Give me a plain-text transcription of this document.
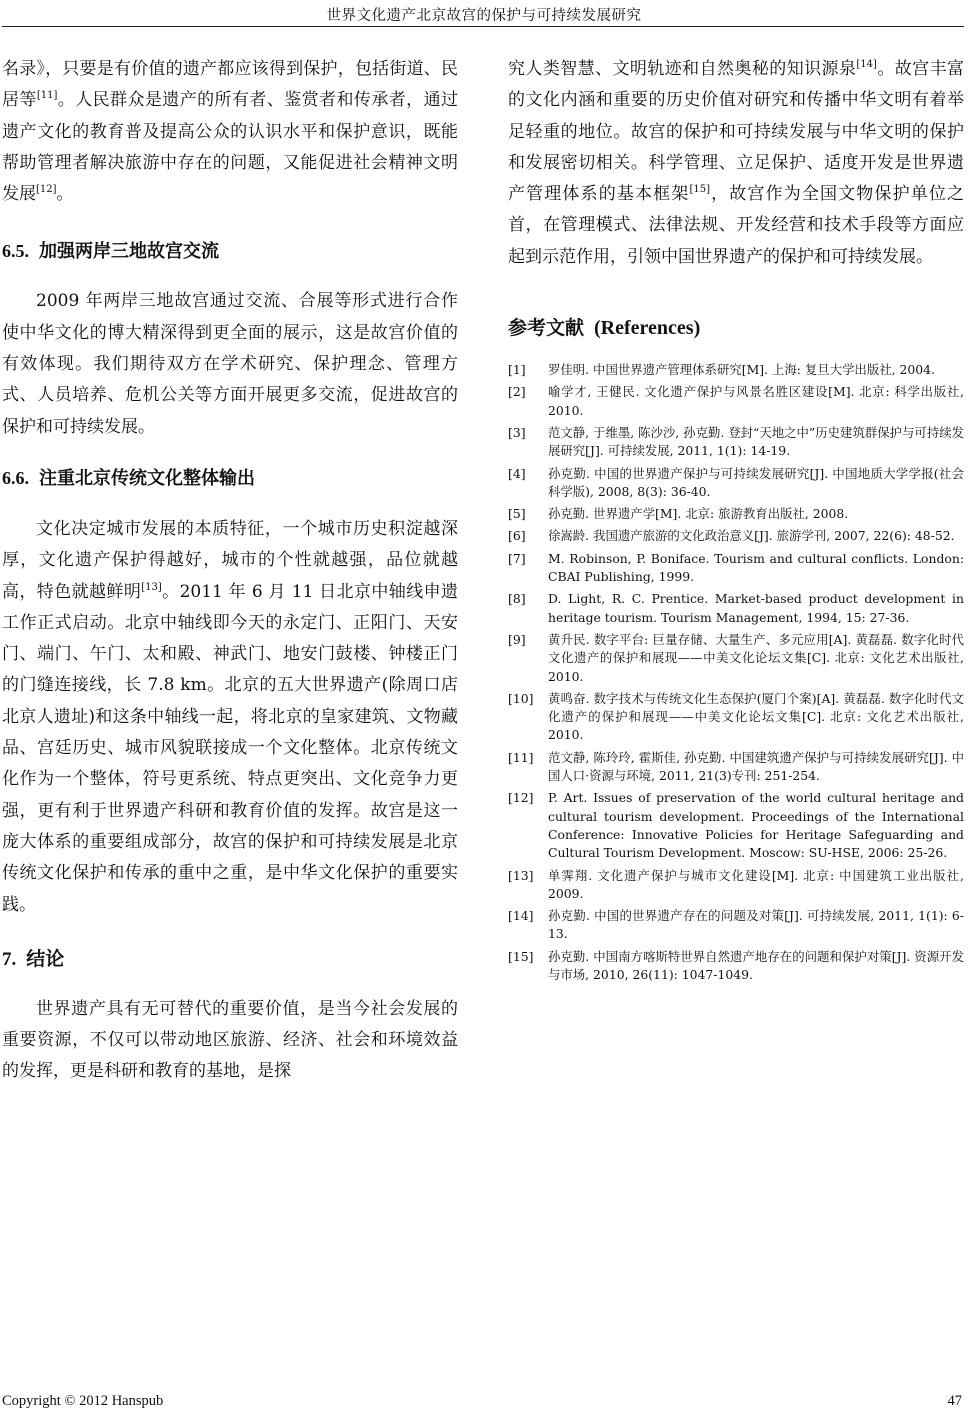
世界文化遗产北京故宫的保护与可持续发展研究

名录》，只要是有价值的遗产都应该得到保护，包括街道、民居等[11]。人民群众是遗产的所有者、鉴赏者和传承者，通过遗产文化的教育普及提高公众的认识水平和保护意识，既能帮助管理者解决旅游中存在的问题，又能促进社会精神文明发展[12]。

6.5. 加强两岸三地故宫交流

2009 年两岸三地故宫通过交流、合展等形式进行合作使中华文化的博大精深得到更全面的展示，这是故宫价值的有效体现。我们期待双方在学术研究、保护理念、管理方式、人员培养、危机公关等方面开展更多交流，促进故宫的保护和可持续发展。

6.6. 注重北京传统文化整体输出

文化决定城市发展的本质特征，一个城市历史积淀越深厚，文化遗产保护得越好，城市的个性就越强，品位就越高，特色就越鲜明[13]。2011 年 6 月 11 日北京中轴线申遗工作正式启动。北京中轴线即今天的永定门、正阳门、天安门、端门、午门、太和殿、神武门、地安门鼓楼、钟楼正门的门缝连接线，长 7.8 km。北京的五大世界遗产(除周口店北京人遗址)和这条中轴线一起，将北京的皇家建筑、文物藏品、宫廷历史、城市风貌联接成一个文化整体。北京传统文化作为一个整体，符号更系统、特点更突出、文化竞争力更强，更有利于世界遗产科研和教育价值的发挥。故宫是这一庞大体系的重要组成部分，故宫的保护和可持续发展是北京传统文化保护和传承的重中之重，是中华文化保护的重要实践。

7. 结论

世界遗产具有无可替代的重要价值，是当今社会发展的重要资源，不仅可以带动地区旅游、经济、社会和环境效益的发挥，更是科研和教育的基地，是探

究人类智慧、文明轨迹和自然奥秘的知识源泉[14]。故宫丰富的文化内涵和重要的历史价值对研究和传播中华文明有着举足轻重的地位。故宫的保护和可持续发展与中华文明的保护和发展密切相关。科学管理、立足保护、适度开发是世界遗产管理体系的基本框架[15]，故宫作为全国文物保护单位之首，在管理模式、法律法规、开发经营和技术手段等方面应起到示范作用，引领中国世界遗产的保护和可持续发展。

参考文献 (References)
[1] 罗佳明. 中国世界遗产管理体系研究[M]. 上海: 复旦大学出版社, 2004.
[2] 喻学才, 王健民. 文化遗产保护与风景名胜区建设[M]. 北京: 科学出版社, 2010.
[3] 范文静, 于维墨, 陈沙沙, 孙克勤. 登封“天地之中”历史建筑群保护与可持续发展研究[J]. 可持续发展, 2011, 1(1): 14-19.
[4] 孙克勤. 中国的世界遗产保护与可持续发展研究[J]. 中国地质大学学报(社会科学版), 2008, 8(3): 36-40.
[5] 孙克勤. 世界遗产学[M]. 北京: 旅游教育出版社, 2008.
[6] 徐嵩龄. 我国遗产旅游的文化政治意义[J]. 旅游学刊, 2007, 22(6): 48-52.
[7] M. Robinson, P. Boniface. Tourism and cultural conflicts. London: CBAI Publishing, 1999.
[8] D. Light, R. C. Prentice. Market-based product development in heritage tourism. Tourism Management, 1994, 15: 27-36.
[9] 黄升民. 数字平台: 巨量存储、大量生产、多元应用[A]. 黄磊磊. 数字化时代文化遗产的保护和展现——中美文化论坛文集[C]. 北京: 文化艺术出版社, 2010.
[10] 黄鸣奋. 数字技术与传统文化生态保护(厦门个案)[A]. 黄磊磊. 数字化时代文化遗产的保护和展现——中美文化论坛文集[C]. 北京: 文化艺术出版社, 2010.
[11] 范文静, 陈玲玲, 霍斯佳, 孙克勤. 中国建筑遗产保护与可持续发展研究[J]. 中国人口·资源与环境, 2011, 21(3)专刊: 251-254.
[12] P. Art. Issues of preservation of the world cultural heritage and cultural tourism development. Proceedings of the International Conference: Innovative Policies for Heritage Safeguarding and Cultural Tourism Development. Moscow: SU-HSE, 2006: 25-26.
[13] 单霁翔. 文化遗产保护与城市文化建设[M]. 北京: 中国建筑工业出版社, 2009.
[14] 孙克勤. 中国的世界遗产存在的问题及对策[J]. 可持续发展, 2011, 1(1): 6-13.
[15] 孙克勤. 中国南方喀斯特世界自然遗产地存在的问题和保护对策[J]. 资源开发与市场, 2010, 26(11): 1047-1049.
Copyright © 2012 Hanspub	47
